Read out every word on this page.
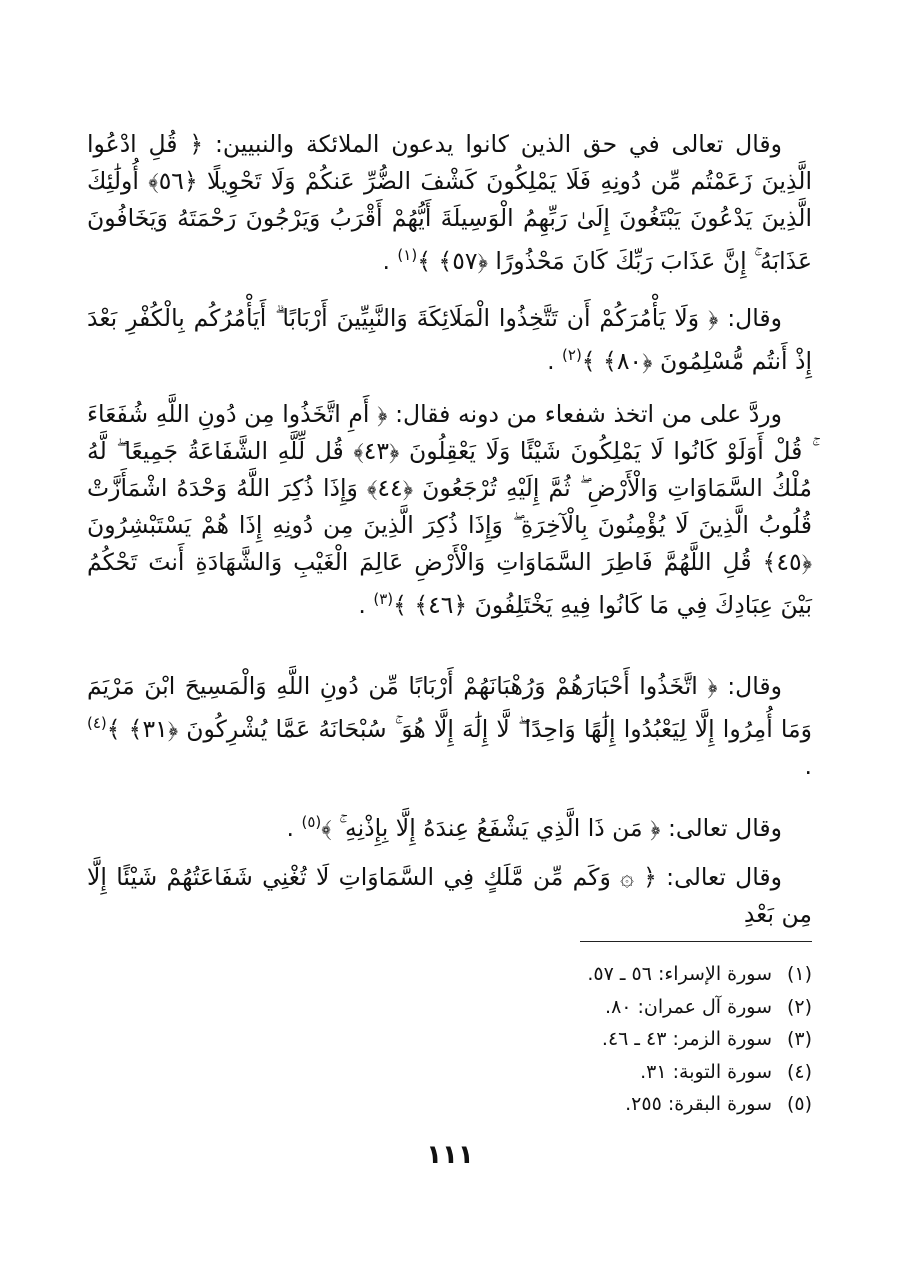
وقال تعالى في حق الذين كانوا يدعون الملائكة والنبيين: ﴿ قُلِ ادْعُوا الَّذِينَ زَعَمْتُم مِّن دُونِهِ فَلَا يَمْلِكُونَ كَشْفَ الضُّرِّ عَنكُمْ وَلَا تَحْوِيلًا ﴿٥٦﴾ أُولَٰئِكَ الَّذِينَ يَدْعُونَ يَبْتَغُونَ إِلَىٰ رَبِّهِمُ الْوَسِيلَةَ أَيُّهُمْ أَقْرَبُ وَيَرْجُونَ رَحْمَتَهُ وَيَخَافُونَ عَذَابَهُ ۚ إِنَّ عَذَابَ رَبِّكَ كَانَ مَحْذُورًا ﴿٥٧﴾ ﴾$^{(١)}$ .

وقال: ﴿ وَلَا يَأْمُرَكُمْ أَن تَتَّخِذُوا الْمَلَائِكَةَ وَالنَّبِيِّينَ أَرْبَابًا ۗ أَيَأْمُرُكُم بِالْكُفْرِ بَعْدَ إِذْ أَنتُم مُّسْلِمُونَ ﴿٨٠﴾ ﴾$^{(٢)}$ .

وردَّ على من اتخذ شفعاء من دونه فقال: ﴿ أَمِ اتَّخَذُوا مِن دُونِ اللَّهِ شُفَعَاءَ ۚ قُلْ أَوَلَوْ كَانُوا لَا يَمْلِكُونَ شَيْئًا وَلَا يَعْقِلُونَ ﴿٤٣﴾ قُل لِّلَّهِ الشَّفَاعَةُ جَمِيعًا ۖ لَّهُ مُلْكُ السَّمَاوَاتِ وَالْأَرْضِ ۖ ثُمَّ إِلَيْهِ تُرْجَعُونَ ﴿٤٤﴾ وَإِذَا ذُكِرَ اللَّهُ وَحْدَهُ اشْمَأَزَّتْ قُلُوبُ الَّذِينَ لَا يُؤْمِنُونَ بِالْآخِرَةِ ۖ وَإِذَا ذُكِرَ الَّذِينَ مِن دُونِهِ إِذَا هُمْ يَسْتَبْشِرُونَ ﴿٤٥﴾ قُلِ اللَّهُمَّ فَاطِرَ السَّمَاوَاتِ وَالْأَرْضِ عَالِمَ الْغَيْبِ وَالشَّهَادَةِ أَنتَ تَحْكُمُ بَيْنَ عِبَادِكَ فِي مَا كَانُوا فِيهِ يَخْتَلِفُونَ ﴿٤٦﴾ ﴾$^{(٣)}$ .

وقال: ﴿ اتَّخَذُوا أَحْبَارَهُمْ وَرُهْبَانَهُمْ أَرْبَابًا مِّن دُونِ اللَّهِ وَالْمَسِيحَ ابْنَ مَرْيَمَ وَمَا أُمِرُوا إِلَّا لِيَعْبُدُوا إِلَٰهًا وَاحِدًا ۖ لَّا إِلَٰهَ إِلَّا هُوَ ۚ سُبْحَانَهُ عَمَّا يُشْرِكُونَ ﴿٣١﴾ ﴾$^{(٤)}$ .

وقال تعالى: ﴿ مَن ذَا الَّذِي يَشْفَعُ عِندَهُ إِلَّا بِإِذْنِهِ ۚ ﴾$^{(٥)}$ .

وقال تعالى: ﴿ ۞ وَكَم مِّن مَّلَكٍ فِي السَّمَاوَاتِ لَا تُغْنِي شَفَاعَتُهُمْ شَيْئًا إِلَّا مِن بَعْدِ

(١)سورة الإسراء: ٥٦ ـ ٥٧.
(٢)سورة آل عمران: ٨٠.
(٣)سورة الزمر: ٤٣ ـ ٤٦.
(٤)سورة التوبة: ٣١.
(٥)سورة البقرة: ٢٥٥.
١١١
